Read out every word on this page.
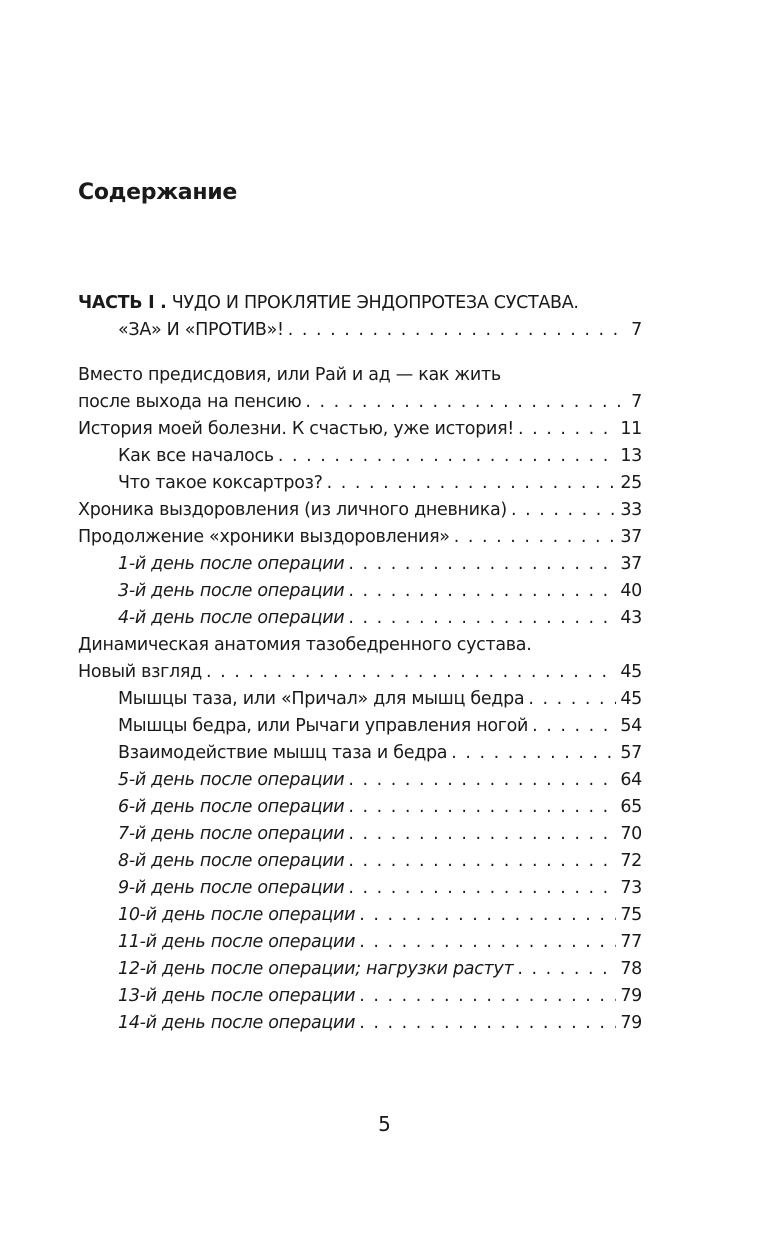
Содержание
ЧАСТЬ I . ЧУДО И ПРОКЛЯТИЕ ЭНДОПРОТЕЗА СУСТАВА.
«ЗА» И «ПРОТИВ»! . . .	7
Вместо предисдовия, или Рай и ад — как жить
после выхода на пенсию . . .	7
История моей болезни. К счастью, уже история! . . .	11
Как все началось . . .	13
Что такое коксартроз? . . .	25
Хроника выздоровления (из личного дневника) . . .	33
Продолжение «хроники выздоровления» . . .	37
1-й день после операции . . .	37
3-й день после операции . . .	40
4-й день после операции . . .	43
Динамическая анатомия тазобедренного сустава.
Новый взгляд . . .	45
Мышцы таза, или «Причал» для мышц бедра . . .	45
Мышцы бедра, или Рычаги управления ногой . . .	54
Взаимодействие мышц таза и бедра . . .	57
5-й день после операции . . .	64
6-й день после операции . . .	65
7-й день после операции . . .	70
8-й день после операции . . .	72
9-й день после операции . . .	73
10-й день после операции . . .	75
11-й день после операции . . .	77
12-й день после операции; нагрузки растут . . .	78
13-й день после операции . . .	79
14-й день после операции . . .	79
5
